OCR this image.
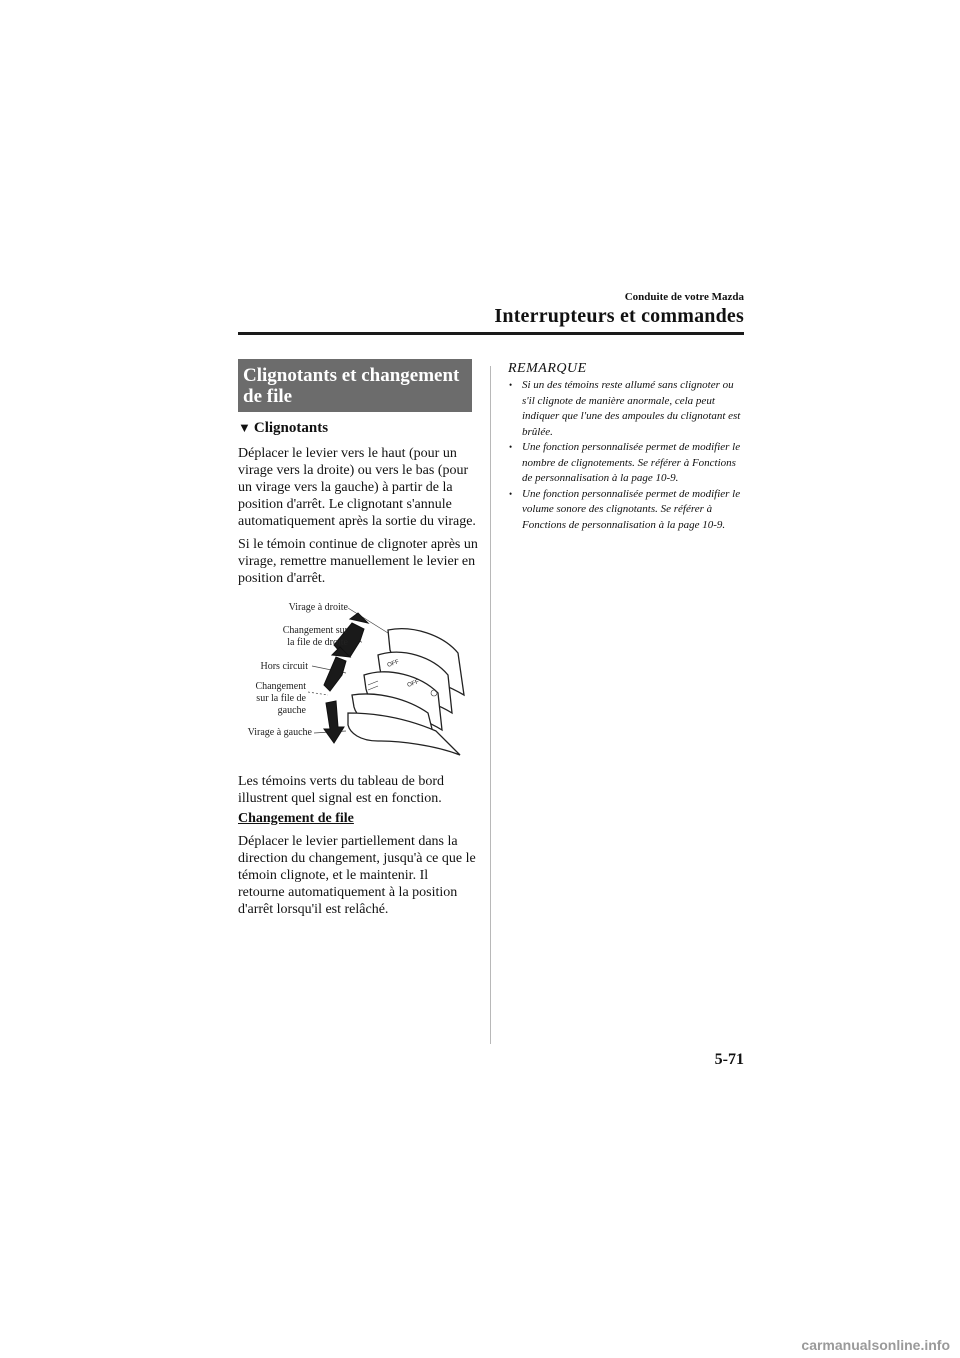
Conduite de votre Mazda
Interrupteurs et commandes
Clignotants et changement de file
▼ Clignotants
Déplacer le levier vers le haut (pour un virage vers la droite) ou vers le bas (pour un virage vers la gauche) à partir de la position d'arrêt. Le clignotant s'annule automatiquement après la sortie du virage.
Si le témoin continue de clignoter après un virage, remettre manuellement le levier en position d'arrêt.
OFF
OFF
Virage à droite
Changement sur
la file de droite
Hors circuit
Changement
sur la file de
gauche
Virage à gauche
Les témoins verts du tableau de bord illustrent quel signal est en fonction.
Changement de file
Déplacer le levier partiellement dans la direction du changement, jusqu'à ce que le témoin clignote, et le maintenir. Il retourne automatiquement à la position d'arrêt lorsqu'il est relâché.
REMARQUE
• Si un des témoins reste allumé sans clignoter ou s'il clignote de manière anormale, cela peut indiquer que l'une des ampoules du clignotant est brûlée.
• Une fonction personnalisée permet de modifier le nombre de clignotements. Se référer à Fonctions de personnalisation à la page 10-9.
• Une fonction personnalisée permet de modifier le volume sonore des clignotants. Se référer à Fonctions de personnalisation à la page 10-9.
5-71
carmanualsonline.info
